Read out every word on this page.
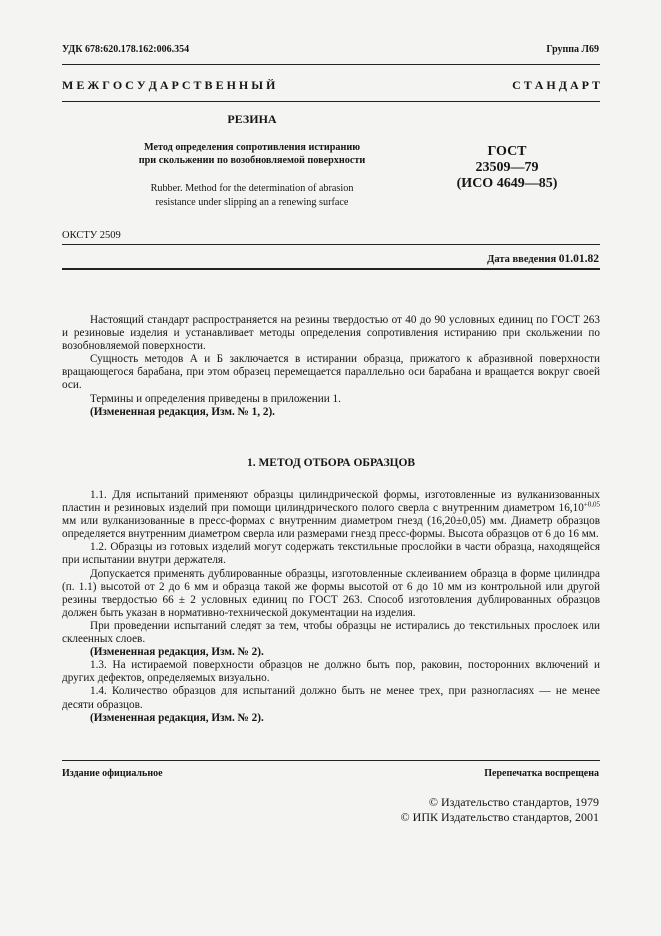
УДК 678:620.178.162:006.354	Группа Л69
М Е Ж Г О С У Д А Р С Т В Е Н Н Ы Й	С Т А Н Д А Р Т
РЕЗИНА
Метод определения сопротивления истиранию
при скольжении по возобновляемой поверхности
Rubber. Method for the determination of abrasion
resistance under slipping an a renewing surface
ГОСТ
23509—79
(ИСО 4649—85)
ОКСТУ 2509
Дата введения 01.01.82

Настоящий стандарт распространяется на резины твердостью от 40 до 90 условных единиц по ГОСТ 263 и резиновые изделия и устанавливает методы определения сопротивления истиранию при скольжении по возобновляемой поверхности.

Сущность методов А и Б заключается в истирании образца, прижатого к абразивной поверхности вращающегося барабана, при этом образец перемещается параллельно оси барабана и вращается вокруг своей оси.

Термины и определения приведены в приложении 1.

(Измененная редакция, Изм. № 1, 2).

1. МЕТОД ОТБОРА ОБРАЗЦОВ

1.1. Для испытаний применяют образцы цилиндрической формы, изготовленные из вулканизованных пластин и резиновых изделий при помощи цилиндрического полого сверла с внутренним диаметром $16,10^{+0,05}$ мм или вулканизованные в пресс-формах с внутренним диаметром гнезд (16,20±0,05) мм. Диаметр образцов определяется внутренним диаметром сверла или размерами гнезд пресс-формы. Высота образцов от 6 до 16 мм.

1.2. Образцы из готовых изделий могут содержать текстильные прослойки в части образца, находящейся при испытании внутри держателя.

Допускается применять дублированные образцы, изготовленные склеиванием образца в форме цилиндра (п. 1.1) высотой от 2 до 6 мм и образца такой же формы высотой от 6 до 10 мм из контрольной или другой резины твердостью 66 ± 2 условных единиц по ГОСТ 263. Способ изготовления дублированных образцов должен быть указан в нормативно-технической документации на изделия.

При проведении испытаний следят за тем, чтобы образцы не истирались до текстильных прослоек или склеенных слоев.

(Измененная редакция, Изм. № 2).

1.3. На истираемой поверхности образцов не должно быть пор, раковин, посторонних включений и других дефектов, определяемых визуально.

1.4. Количество образцов для испытаний должно быть не менее трех, при разногласиях — не менее десяти образцов.

(Измененная редакция, Изм. № 2).

Издание официальное	Перепечатка воспрещена
© Издательство стандартов, 1979
© ИПК Издательство стандартов, 2001
